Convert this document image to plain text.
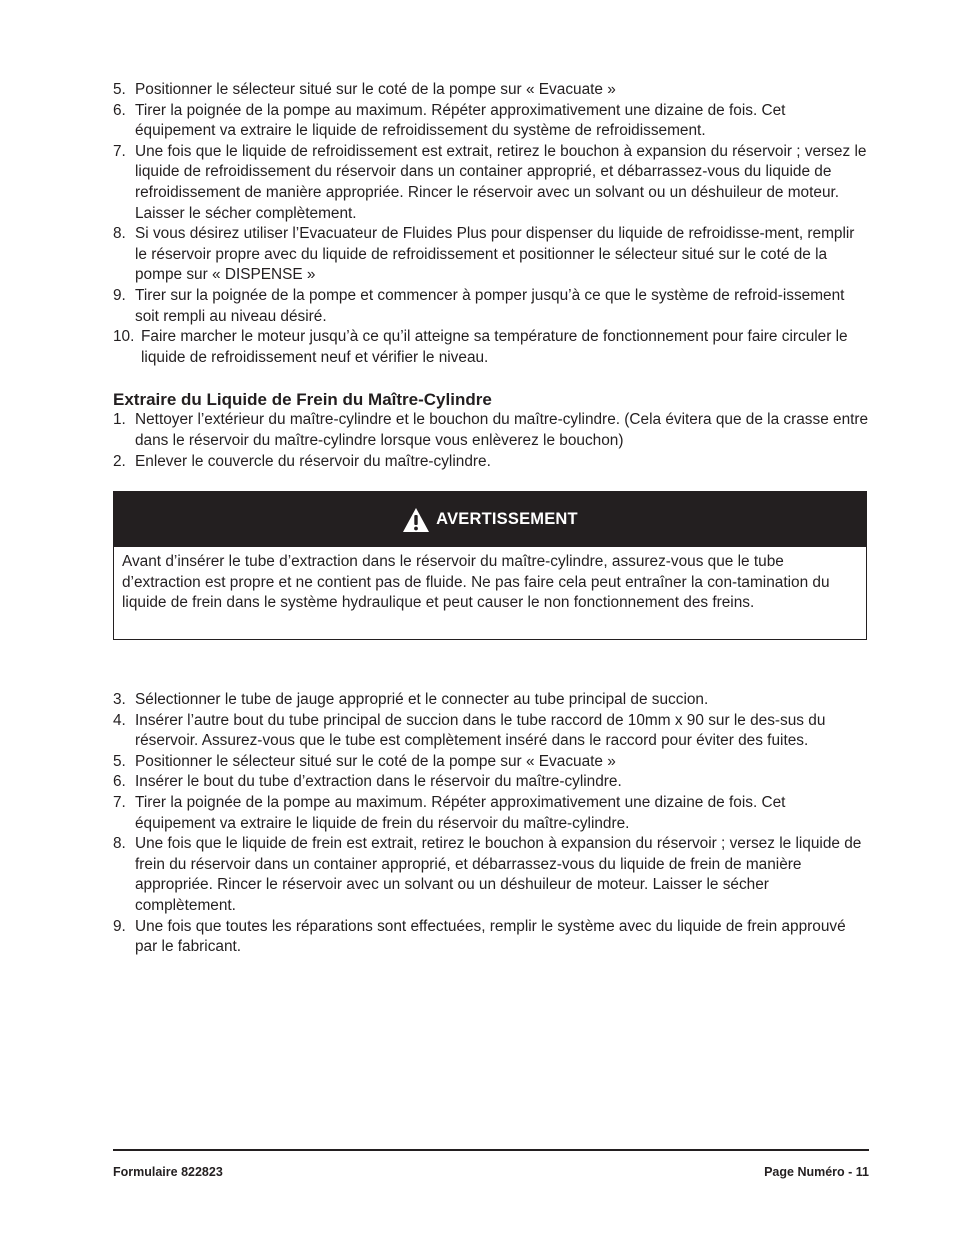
5. Positionner le sélecteur situé sur le coté de la pompe sur « Evacuate »
6. Tirer la poignée de la pompe au maximum. Répéter approximativement une dizaine de fois. Cet équipement va extraire le liquide de refroidissement du système de refroidissement.
7. Une fois que le liquide de refroidissement est extrait, retirez le bouchon à expansion du réservoir ; versez le liquide de refroidissement du réservoir dans un container approprié, et débarrassez-vous du liquide de refroidissement de manière appropriée. Rincer le réservoir avec un solvant ou un déshuileur de moteur. Laisser le sécher complètement.
8. Si vous désirez utiliser l’Evacuateur de Fluides Plus pour dispenser du liquide de refroidisse-ment, remplir le réservoir propre avec du liquide de refroidissement et positionner le sélecteur situé sur le coté de la pompe sur « DISPENSE »
9. Tirer sur la poignée de la pompe et commencer à pomper jusqu’à ce que le système de refroid-issement soit rempli au niveau désiré.
10. Faire marcher le moteur jusqu’à ce qu’il atteigne sa température de fonctionnement pour faire circuler le liquide de refroidissement neuf et vérifier le niveau.
Extraire du Liquide de Frein du Maître-Cylindre
1. Nettoyer l’extérieur du maître-cylindre et le bouchon du maître-cylindre. (Cela évitera que de la crasse entre dans le réservoir du maître-cylindre lorsque vous enlèverez le bouchon)
2. Enlever le couvercle du réservoir du maître-cylindre.
AVERTISSEMENT
Avant d’insérer le tube d’extraction dans le réservoir du maître-cylindre, assurez-vous que le tube d’extraction est propre et ne contient pas de fluide. Ne pas faire cela peut entraîner la con-tamination du liquide de frein dans le système hydraulique et peut causer le non fonctionnement des freins.
3. Sélectionner le tube de jauge approprié et le connecter au tube principal de succion.
4. Insérer l’autre bout du tube principal de succion dans le tube raccord de 10mm x 90 sur le des-sus du réservoir. Assurez-vous que le tube est complètement inséré dans le raccord pour éviter des fuites.
5. Positionner le sélecteur situé sur le coté de la pompe sur « Evacuate »
6. Insérer le bout du tube d’extraction dans le réservoir du maître-cylindre.
7. Tirer la poignée de la pompe au maximum. Répéter approximativement une dizaine de fois. Cet équipement va extraire le liquide de frein du réservoir du maître-cylindre.
8. Une fois que le liquide de frein est extrait, retirez le bouchon à expansion du réservoir ; versez le liquide de frein du réservoir dans un container approprié, et débarrassez-vous du liquide de frein de manière appropriée. Rincer le réservoir avec un solvant ou un déshuileur de moteur. Laisser le sécher complètement.
9. Une fois que toutes les réparations sont effectuées, remplir le système avec du liquide de frein approuvé par le fabricant.
Formulaire 822823	Page Numéro - 11
